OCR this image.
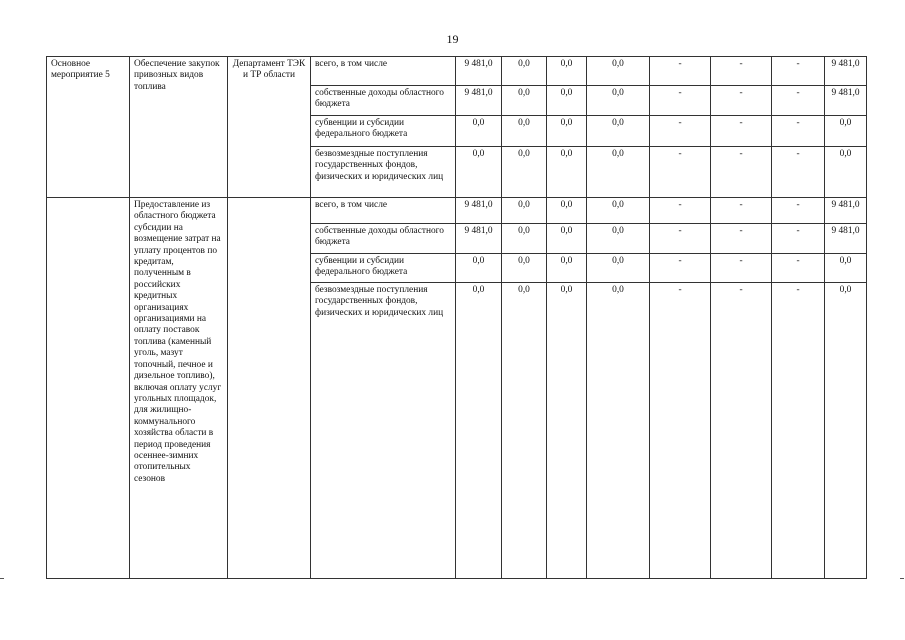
19
Основное мероприятие 5	Обеспечение закупок привозных видов топлива	Департамент ТЭК и ТР области	всего, в том числе	9 481,0	0,0	0,0	0,0	-	-	-	9 481,0
			собственные доходы областного бюджета	9 481,0	0,0	0,0	0,0	-	-	-	9 481,0
			субвенции и субсидии федерального бюджета	0,0	0,0	0,0	0,0	-	-	-	0,0
			безвозмездные поступления государственных фондов, физических и юридических лиц	0,0	0,0	0,0	0,0	-	-	-	0,0
	Предоставление из областного бюджета субсидии на возмещение затрат на уплату процентов по кредитам, полученным в российских кредитных организациях организациями на оплату поставок топлива (каменный уголь, мазут топочный, печное и дизельное топливо), включая оплату услуг угольных площадок, для жилищно-коммунального хозяйства области в период проведения осеннее-зимних отопительных сезонов		всего, в том числе	9 481,0	0,0	0,0	0,0	-	-	-	9 481,0
			собственные доходы областного бюджета	9 481,0	0,0	0,0	0,0	-	-	-	9 481,0
			субвенции и субсидии федерального бюджета	0,0	0,0	0,0	0,0	-	-	-	0,0
			безвозмездные поступления государственных фондов, физических и юридических лиц	0,0	0,0	0,0	0,0	-	-	-	0,0
